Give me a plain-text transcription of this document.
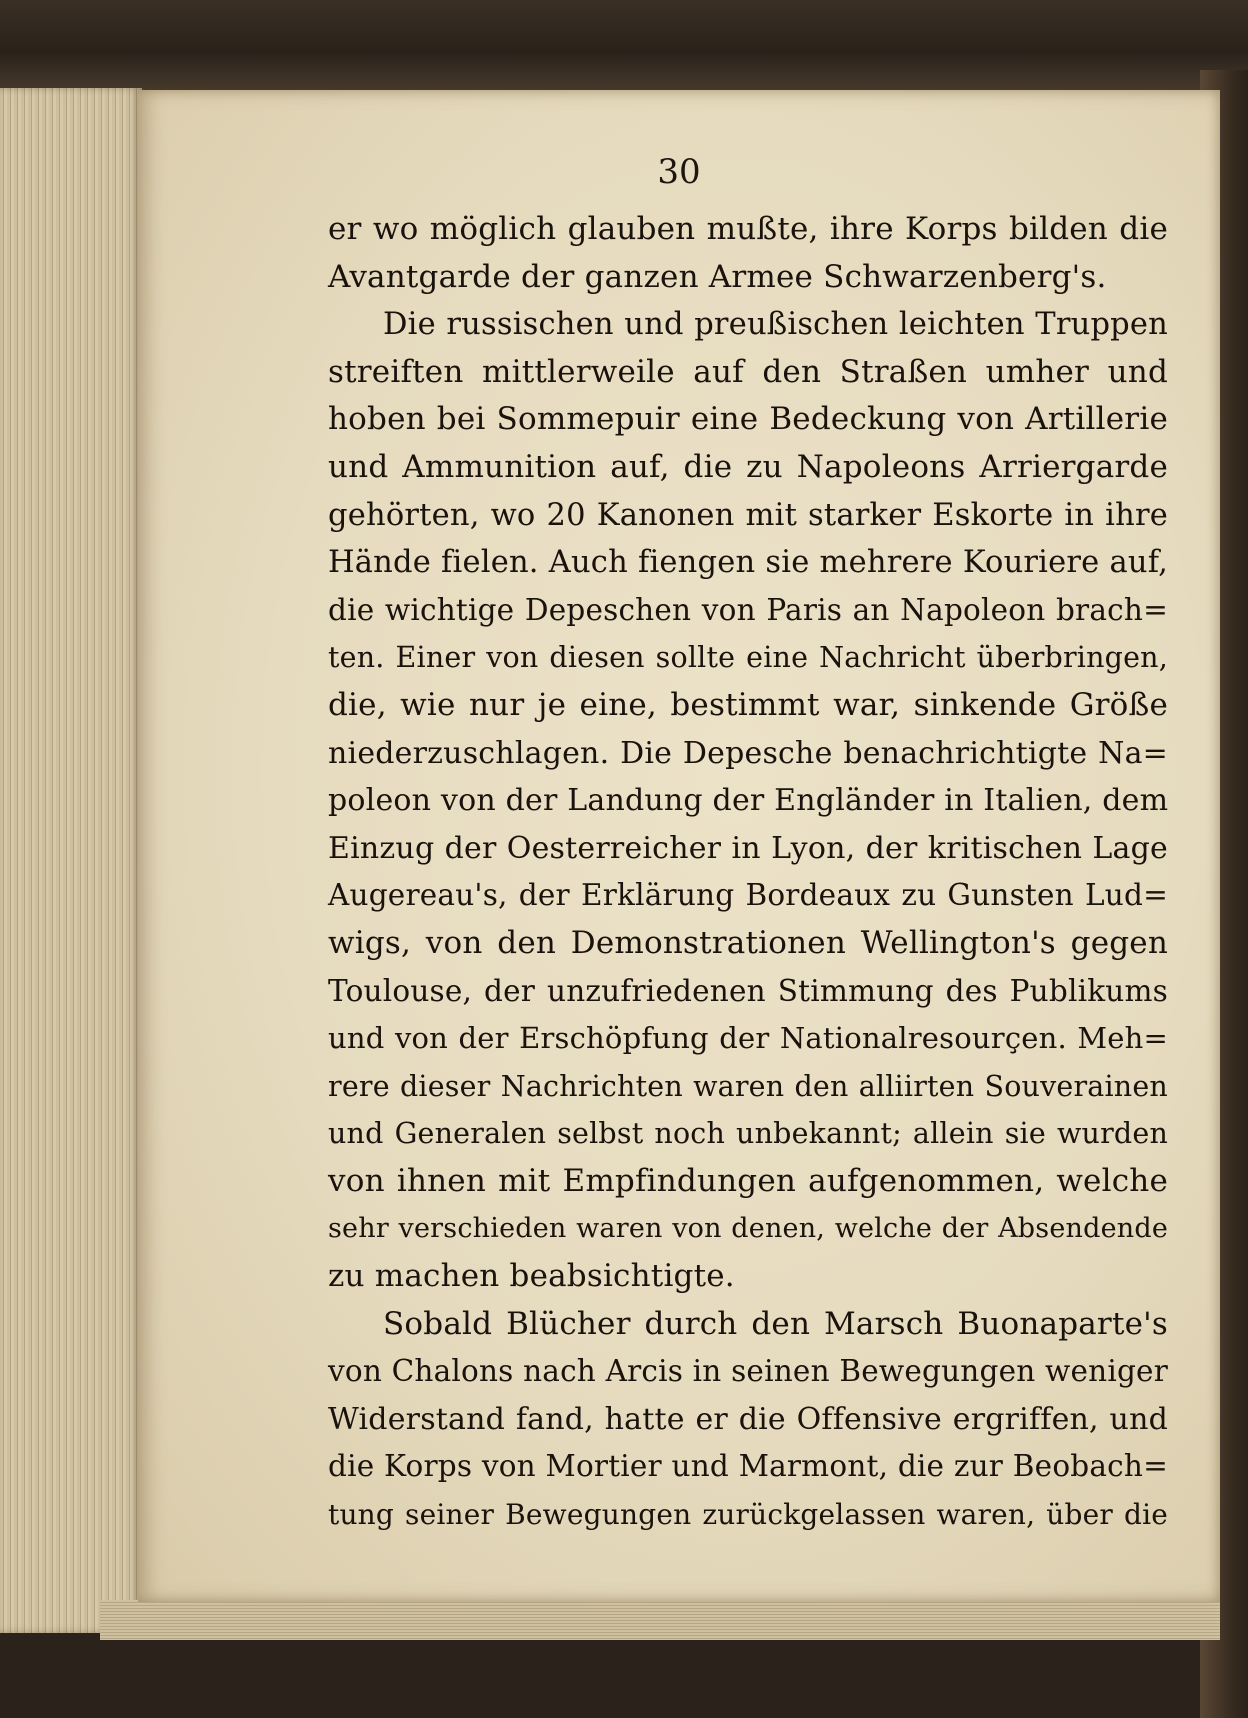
30
er wo möglich glauben mußte, ihre Korps bilden die
Avantgarde der ganzen Armee Schwarzenberg's.
Die russischen und preußischen leichten Truppen
streiften mittlerweile auf den Straßen umher und
hoben bei Sommepuir eine Bedeckung von Artillerie
und Ammunition auf, die zu Napoleons Arriergarde
gehörten, wo 20 Kanonen mit starker Eskorte in ihre
Hände fielen. Auch fiengen sie mehrere Kouriere auf,
die wichtige Depeschen von Paris an Napoleon brach=
ten. Einer von diesen sollte eine Nachricht überbringen,
die, wie nur je eine, bestimmt war, sinkende Größe
niederzuschlagen. Die Depesche benachrichtigte Na=
poleon von der Landung der Engländer in Italien, dem
Einzug der Oesterreicher in Lyon, der kritischen Lage
Augereau's, der Erklärung Bordeaux zu Gunsten Lud=
wigs, von den Demonstrationen Wellington's gegen
Toulouse, der unzufriedenen Stimmung des Publikums
und von der Erschöpfung der Nationalresourçen. Meh=
rere dieser Nachrichten waren den alliirten Souverainen
und Generalen selbst noch unbekannt; allein sie wurden
von ihnen mit Empfindungen aufgenommen, welche
sehr verschieden waren von denen, welche der Absendende
zu machen beabsichtigte.
Sobald Blücher durch den Marsch Buonaparte's
von Chalons nach Arcis in seinen Bewegungen weniger
Widerstand fand, hatte er die Offensive ergriffen, und
die Korps von Mortier und Marmont, die zur Beobach=
tung seiner Bewegungen zurückgelassen waren, über die
